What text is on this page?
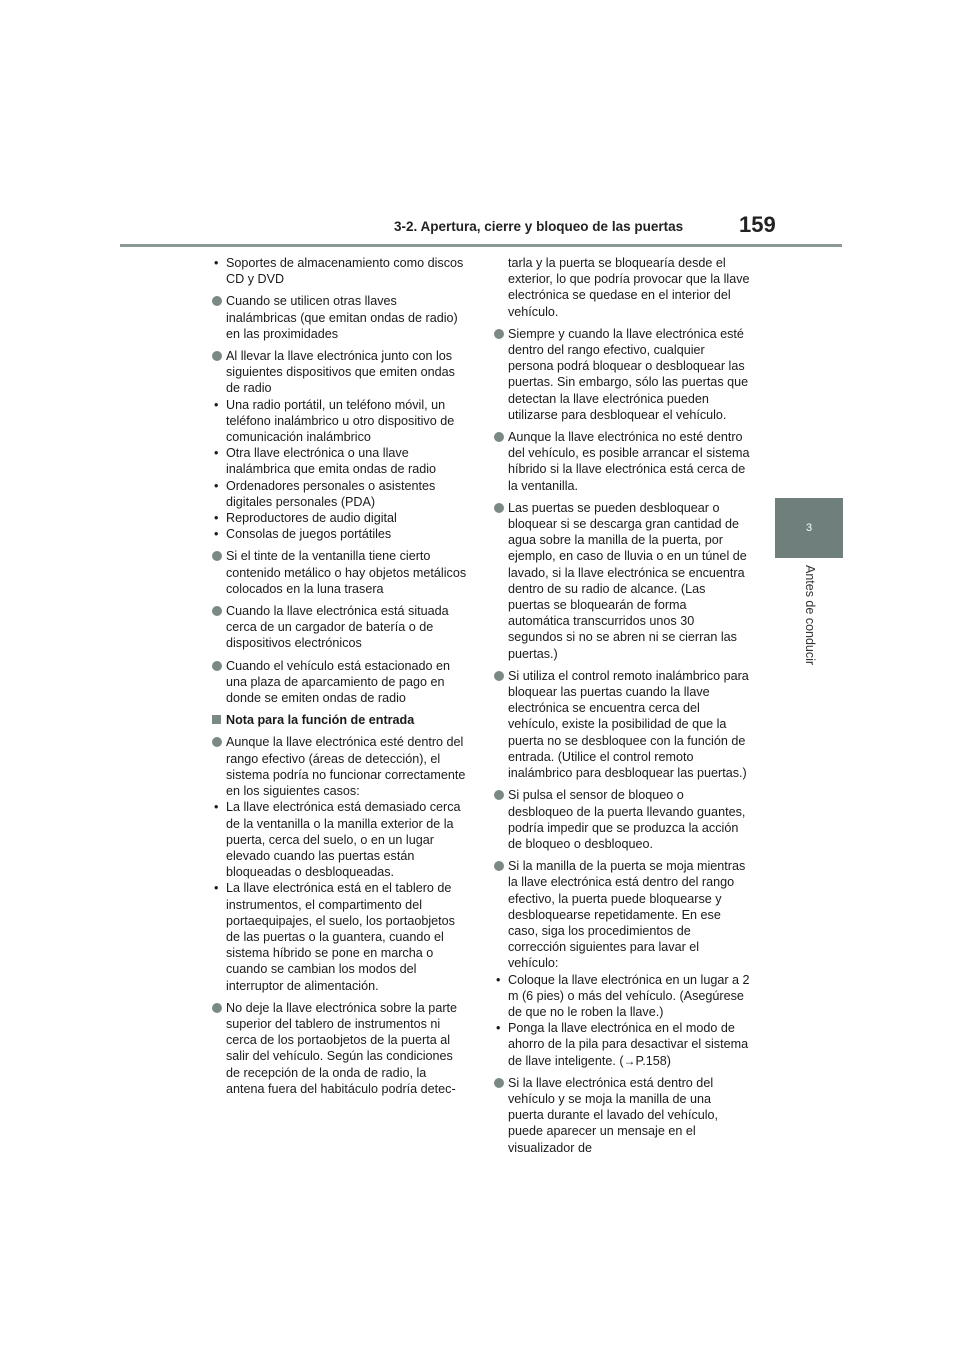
3-2. Apertura, cierre y bloqueo de las puertas	159
3
Antes de conducir
• Soportes de almacenamiento como discos CD y DVD
Cuando se utilicen otras llaves inalámbricas (que emitan ondas de radio) en las proximidades
Al llevar la llave electrónica junto con los siguientes dispositivos que emiten ondas de radio
• Una radio portátil, un teléfono móvil, un teléfono inalámbrico u otro dispositivo de comunicación inalámbrico
• Otra llave electrónica o una llave inalámbrica que emita ondas de radio
• Ordenadores personales o asistentes digitales personales (PDA)
• Reproductores de audio digital
• Consolas de juegos portátiles
Si el tinte de la ventanilla tiene cierto contenido metálico o hay objetos metálicos colocados en la luna trasera
Cuando la llave electrónica está situada cerca de un cargador de batería o de dispositivos electrónicos
Cuando el vehículo está estacionado en una plaza de aparcamiento de pago en donde se emiten ondas de radio
Nota para la función de entrada
Aunque la llave electrónica esté dentro del rango efectivo (áreas de detección), el sistema podría no funcionar correctamente en los siguientes casos:
• La llave electrónica está demasiado cerca de la ventanilla o la manilla exterior de la puerta, cerca del suelo, o en un lugar elevado cuando las puertas están bloqueadas o desbloqueadas.
• La llave electrónica está en el tablero de instrumentos, el compartimento del portaequipajes, el suelo, los portaobjetos de las puertas o la guantera, cuando el sistema híbrido se pone en marcha o cuando se cambian los modos del interruptor de alimentación.
No deje la llave electrónica sobre la parte superior del tablero de instrumentos ni cerca de los portaobjetos de la puerta al salir del vehículo. Según las condiciones de recepción de la onda de radio, la antena fuera del habitáculo podría detec-
tarla y la puerta se bloquearía desde el exterior, lo que podría provocar que la llave electrónica se quedase en el interior del vehículo.
Siempre y cuando la llave electrónica esté dentro del rango efectivo, cualquier persona podrá bloquear o desbloquear las puertas. Sin embargo, sólo las puertas que detectan la llave electrónica pueden utilizarse para desbloquear el vehículo.
Aunque la llave electrónica no esté dentro del vehículo, es posible arrancar el sistema híbrido si la llave electrónica está cerca de la ventanilla.
Las puertas se pueden desbloquear o bloquear si se descarga gran cantidad de agua sobre la manilla de la puerta, por ejemplo, en caso de lluvia o en un túnel de lavado, si la llave electrónica se encuentra dentro de su radio de alcance. (Las puertas se bloquearán de forma automática transcurridos unos 30 segundos si no se abren ni se cierran las puertas.)
Si utiliza el control remoto inalámbrico para bloquear las puertas cuando la llave electrónica se encuentra cerca del vehículo, existe la posibilidad de que la puerta no se desbloquee con la función de entrada. (Utilice el control remoto inalámbrico para desbloquear las puertas.)
Si pulsa el sensor de bloqueo o desbloqueo de la puerta llevando guantes, podría impedir que se produzca la acción de bloqueo o desbloqueo.
Si la manilla de la puerta se moja mientras la llave electrónica está dentro del rango efectivo, la puerta puede bloquearse y desbloquearse repetidamente. En ese caso, siga los procedimientos de corrección siguientes para lavar el vehículo:
• Coloque la llave electrónica en un lugar a 2 m (6 pies) o más del vehículo. (Asegúrese de que no le roben la llave.)
• Ponga la llave electrónica en el modo de ahorro de la pila para desactivar el sistema de llave inteligente. (→P.158)
Si la llave electrónica está dentro del vehículo y se moja la manilla de una puerta durante el lavado del vehículo, puede aparecer un mensaje en el visualizador de
